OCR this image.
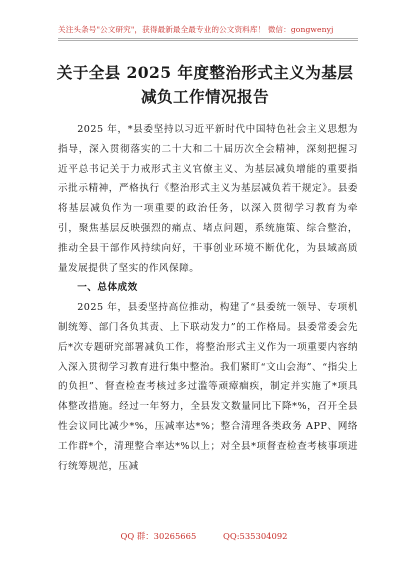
关注头条号"公文研究"，获得最新最全最专业的公文资料库！ 微信：gongwenyj
关于全县 2025 年度整治形式主义为基层
减负工作情况报告

2025 年，*县委坚持以习近平新时代中国特色社会主义思想为指导，深入贯彻落实的二十大和二十届历次全会精神，深刻把握习近平总书记关于力戒形式主义官僚主义、为基层减负增能的重要指示批示精神，严格执行《整治形式主义为基层减负若干规定》。县委将基层减负作为一项重要的政治任务，以深入贯彻学习教育为牵引，聚焦基层反映强烈的痛点、堵点问题，系统施策、综合整治，推动全县干部作风持续向好，干事创业环境不断优化，为县域高质量发展提供了坚实的作风保障。

一、总体成效

2025 年，县委坚持高位推动，构建了“县委统一领导、专项机制统筹、部门各负其责、上下联动发力”的工作格局。县委常委会先后*次专题研究部署减负工作，将整治形式主义作为一项重要内容纳入深入贯彻学习教育进行集中整治。我们紧盯“文山会海”、“指尖上的负担”、督查检查考核过多过滥等顽瘴痼疾，制定并实施了*项具体整改措施。经过一年努力，全县发文数量同比下降*%，召开全县性会议同比减少*%，压减率达*%；整合清理各类政务 APP、网络工作群*个，清理整合率达*%以上；对全县*项督查检查考核事项进行统筹规范，压减

QQ 群：30265665	QQ:535304092
